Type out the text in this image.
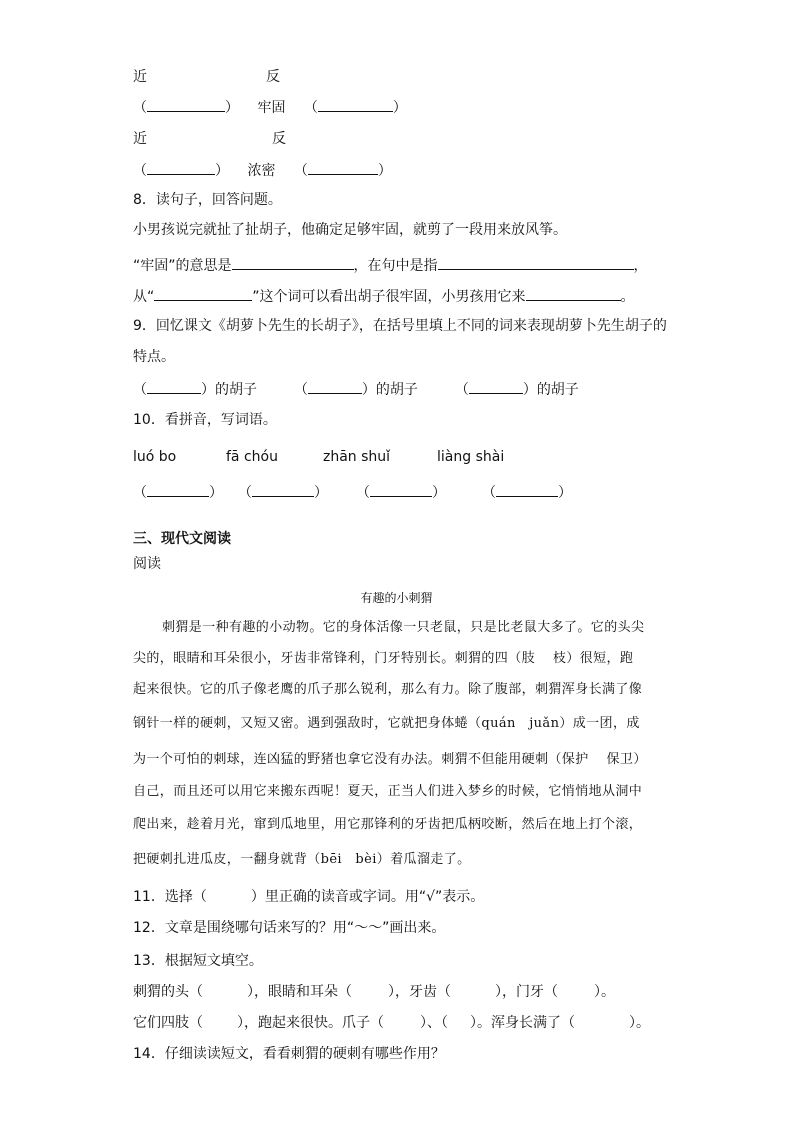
近	反
（	） 牢固 （	）
近	反
（	） 浓密 （	）
8．读句子，回答问题。
小男孩说完就扯了扯胡子，他确定足够牢固，就剪了一段用来放风筝。
“牢固”的意思是	，在句中是指	，
从“	”这个词可以看出胡子很牢固，小男孩用它来	。
9．回忆课文《胡萝卜先生的长胡子》，在括号里填上不同的词来表现胡萝卜先生胡子的
特点。
（	）的胡子	（	）的胡子	（	）的胡子
10．看拼音，写词语。
luó bo	fā chóu	zhān shuǐ	liàng shài
（	） （	） （	）	（	）
三、现代文阅读
阅读
有趣的小刺猬
刺猬是一种有趣的小动物。它的身体活像一只老鼠，只是比老鼠大多了。它的头尖
尖的，眼睛和耳朵很小，牙齿非常锋利，门牙特别长。刺猬的四（肢　 枝）很短，跑
起来很快。它的爪子像老鹰的爪子那么锐利，那么有力。除了腹部，刺猬浑身长满了像
钢针一样的硬刺，又短又密。遇到强敌时，它就把身体蜷（quán　juǎn）成一团，成
为一个可怕的刺球，连凶猛的野猪也拿它没有办法。刺猬不但能用硬刺（保护　 保卫）
自己，而且还可以用它来搬东西呢！夏天，正当人们进入梦乡的时候，它悄悄地从洞中
爬出来，趁着月光，窜到瓜地里，用它那锋利的牙齿把瓜柄咬断，然后在地上打个滚，
把硬刺扎进瓜皮，一翻身就背（bēi　bèi）着瓜溜走了。
11．选择（	）里正确的读音或字词。用“√”表示。
12．文章是围绕哪句话来写的？用“～～”画出来。
13．根据短文填空。
刺猬的头（	），眼睛和耳朵（	），牙齿（	），门牙（	）。
它们四肢（ ），跑起来很快。爪子（	）、（ ）。浑身长满了（	）。
14．仔细读读短文，看看刺猬的硬刺有哪些作用？
